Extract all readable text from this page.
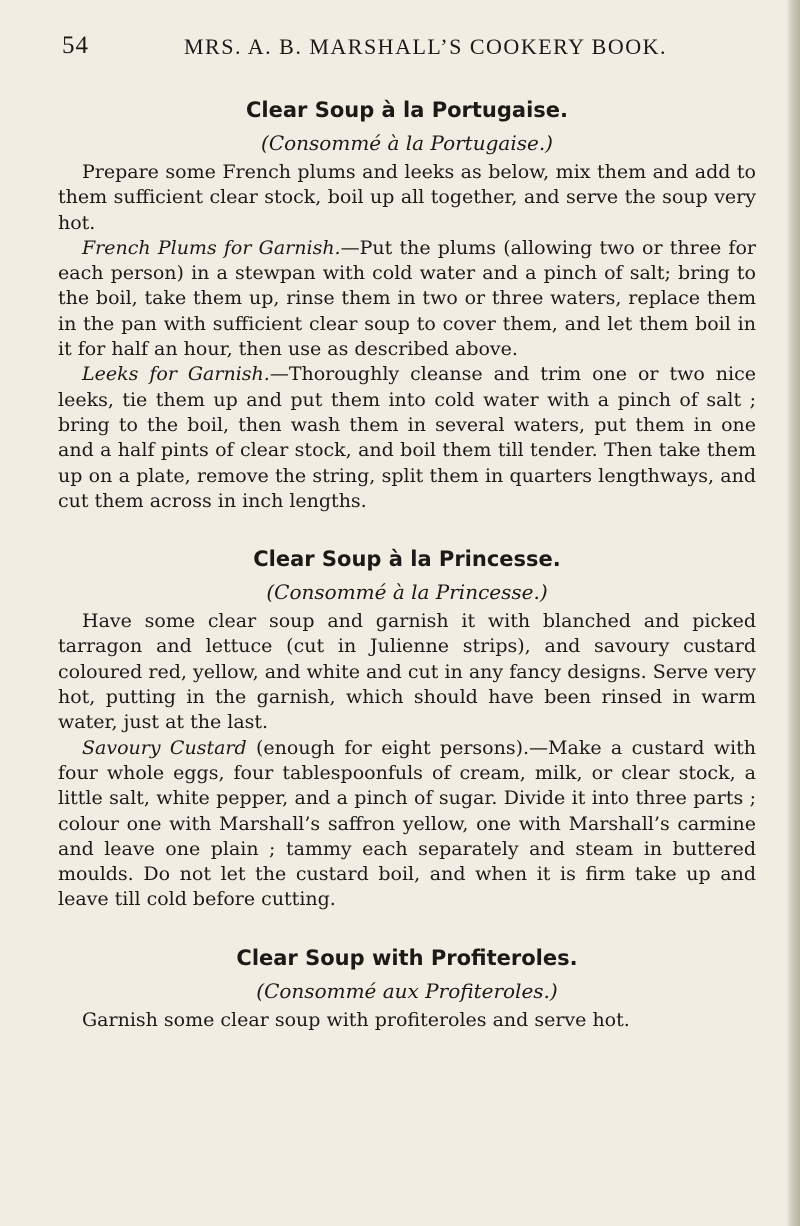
54	MRS. A. B. MARSHALL’S COOKERY BOOK.
Clear Soup à la Portugaise.

(Consommé à la Portugaise.)

Prepare some French plums and leeks as below, mix them and add to them sufficient clear stock, boil up all together, and serve the soup very hot.

French Plums for Garnish.—Put the plums (allowing two or three for each person) in a stewpan with cold water and a pinch of salt; bring to the boil, take them up, rinse them in two or three waters, replace them in the pan with sufficient clear soup to cover them, and let them boil in it for half an hour, then use as described above.

Leeks for Garnish.—Thoroughly cleanse and trim one or two nice leeks, tie them up and put them into cold water with a pinch of salt ; bring to the boil, then wash them in several waters, put them in one and a half pints of clear stock, and boil them till tender. Then take them up on a plate, remove the string, split them in quarters lengthways, and cut them across in inch lengths.

Clear Soup à la Princesse.

(Consommé à la Princesse.)

Have some clear soup and garnish it with blanched and picked tarragon and lettuce (cut in Julienne strips), and savoury custard coloured red, yellow, and white and cut in any fancy designs. Serve very hot, putting in the garnish, which should have been rinsed in warm water, just at the last.

Savoury Custard (enough for eight persons).—Make a custard with four whole eggs, four tablespoonfuls of cream, milk, or clear stock, a little salt, white pepper, and a pinch of sugar. Divide it into three parts ; colour one with Marshall’s saffron yellow, one with Marshall’s carmine and leave one plain ; tammy each separately and steam in buttered moulds. Do not let the custard boil, and when it is firm take up and leave till cold before cutting.

Clear Soup with Profiteroles.

(Consommé aux Profiteroles.)

Garnish some clear soup with profiteroles and serve hot.
